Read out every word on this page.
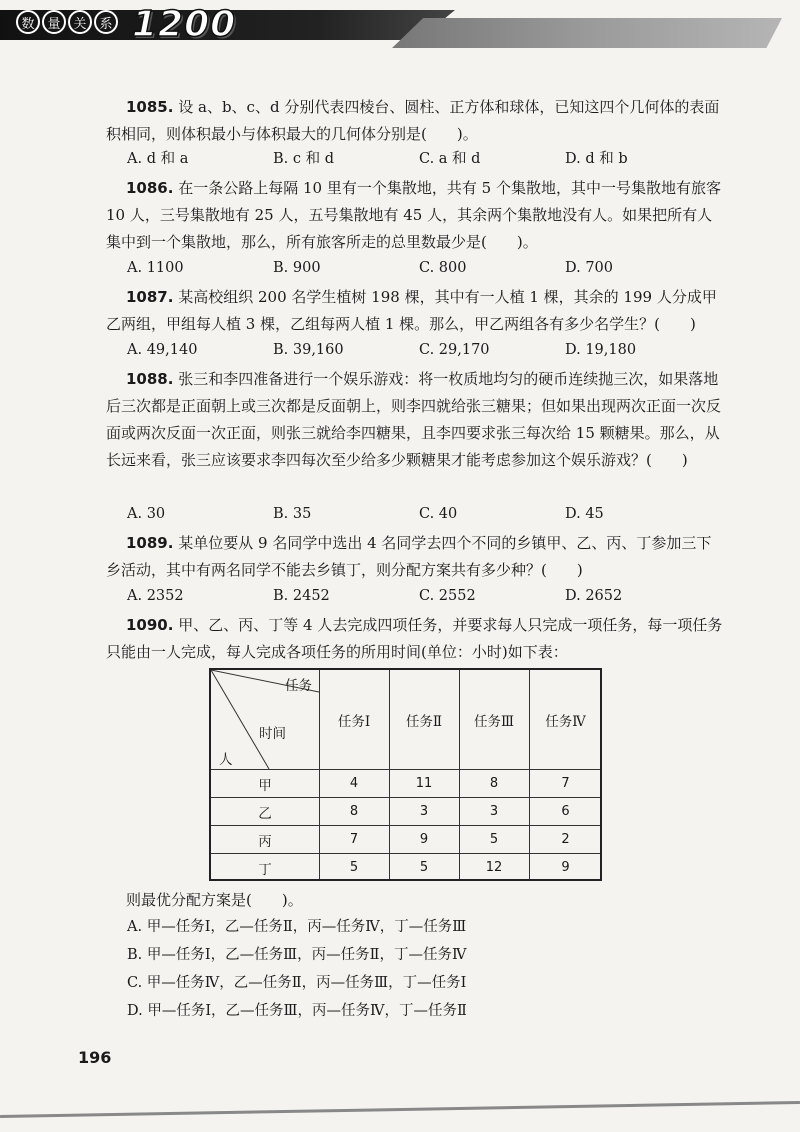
数 量 关 系 1200
1085. 设 a、b、c、d 分别代表四棱台、圆柱、正方体和球体，已知这四个几何体的表面积相同，则体积最小与体积最大的几何体分别是(　　)。
A. d 和 a	B. c 和 d	C. a 和 d	D. d 和 b
1086. 在一条公路上每隔 10 里有一个集散地，共有 5 个集散地，其中一号集散地有旅客 10 人，三号集散地有 25 人，五号集散地有 45 人，其余两个集散地没有人。如果把所有人集中到一个集散地，那么，所有旅客所走的总里数最少是(　　)。
A. 1100	B. 900	C. 800	D. 700
1087. 某高校组织 200 名学生植树 198 棵，其中有一人植 1 棵，其余的 199 人分成甲乙两组，甲组每人植 3 棵，乙组每两人植 1 棵。那么，甲乙两组各有多少名学生？(　　)
A. 49,140	B. 39,160	C. 29,170	D. 19,180
1088. 张三和李四准备进行一个娱乐游戏：将一枚质地均匀的硬币连续抛三次，如果落地后三次都是正面朝上或三次都是反面朝上，则李四就给张三糖果；但如果出现两次正面一次反面或两次反面一次正面，则张三就给李四糖果，且李四要求张三每次给 15 颗糖果。那么，从长远来看，张三应该要求李四每次至少给多少颗糖果才能考虑参加这个娱乐游戏？(　　)
A. 30	B. 35	C. 40	D. 45
1089. 某单位要从 9 名同学中选出 4 名同学去四个不同的乡镇甲、乙、丙、丁参加三下乡活动，其中有两名同学不能去乡镇丁，则分配方案共有多少种？(　　)
A. 2352	B. 2452	C. 2552	D. 2652
1090. 甲、乙、丙、丁等 4 人去完成四项任务，并要求每人只完成一项任务，每一项任务只能由一人完成，每人完成各项任务的所用时间(单位：小时)如下表：
任务
时间
人
任务Ⅰ	任务Ⅱ	任务Ⅲ	任务Ⅳ
甲	4	11	8	7
乙	8	3	3	6
丙	7	9	5	2
丁	5	5	12	9
则最优分配方案是(　　)。
A. 甲—任务Ⅰ，乙—任务Ⅱ，丙—任务Ⅳ，丁—任务Ⅲ
B. 甲—任务Ⅰ，乙—任务Ⅲ，丙—任务Ⅱ，丁—任务Ⅳ
C. 甲—任务Ⅳ，乙—任务Ⅱ，丙—任务Ⅲ，丁—任务Ⅰ
D. 甲—任务Ⅰ，乙—任务Ⅲ，丙—任务Ⅳ，丁—任务Ⅱ
196
